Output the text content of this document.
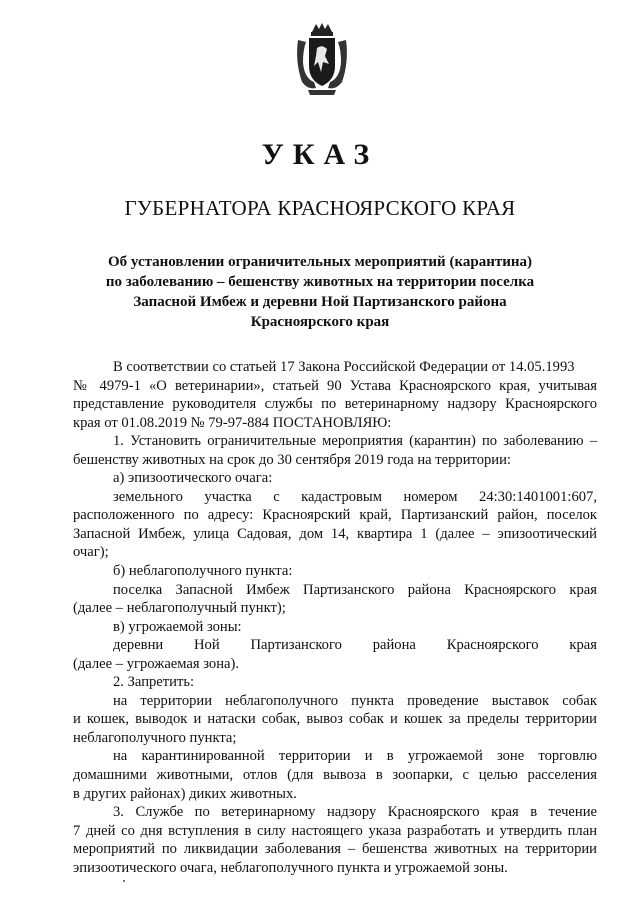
УКАЗ
ГУБЕРНАТОРА КРАСНОЯРСКОГО КРАЯ
Об установлении ограничительных мероприятий (карантина)
по заболеванию – бешенству животных на территории поселка
Запасной Имбеж и деревни Ной Партизанского района
Красноярского края
В соответствии со статьей 17 Закона Российской Федерации от 14.05.1993
№ 4979-1 «О ветеринарии», статьей 90 Устава Красноярского края, учитывая
представление руководителя службы по ветеринарному надзору Красноярского
края от 01.08.2019 № 79-97-884 ПОСТАНОВЛЯЮ:
1. Установить ограничительные мероприятия (карантин) по заболеванию –
бешенству животных на срок до 30 сентября 2019 года на территории:
а) эпизоотического очага:
земельного участка с кадастровым номером 24:30:1401001:607,
расположенного по адресу: Красноярский край, Партизанский район, поселок
Запасной Имбеж, улица Садовая, дом 14, квартира 1 (далее – эпизоотический
очаг);
б) неблагополучного пункта:
поселка Запасной Имбеж Партизанского района Красноярского края
(далее – неблагополучный пункт);
в) угрожаемой зоны:
деревни Ной Партизанского района Красноярского края
(далее – угрожаемая зона).
2. Запретить:
на территории неблагополучного пункта проведение выставок собак
и кошек, выводок и натаски собак, вывоз собак и кошек за пределы территории
неблагополучного пункта;
на карантинированной территории и в угрожаемой зоне торговлю
домашними животными, отлов (для вывоза в зоопарки, с целью расселения
в других районах) диких животных.
3. Службе по ветеринарному надзору Красноярского края в течение
7 дней со дня вступления в силу настоящего указа разработать и утвердить план
мероприятий по ликвидации заболевания – бешенства животных на территории
эпизоотического очага, неблагополучного пункта и угрожаемой зоны.
